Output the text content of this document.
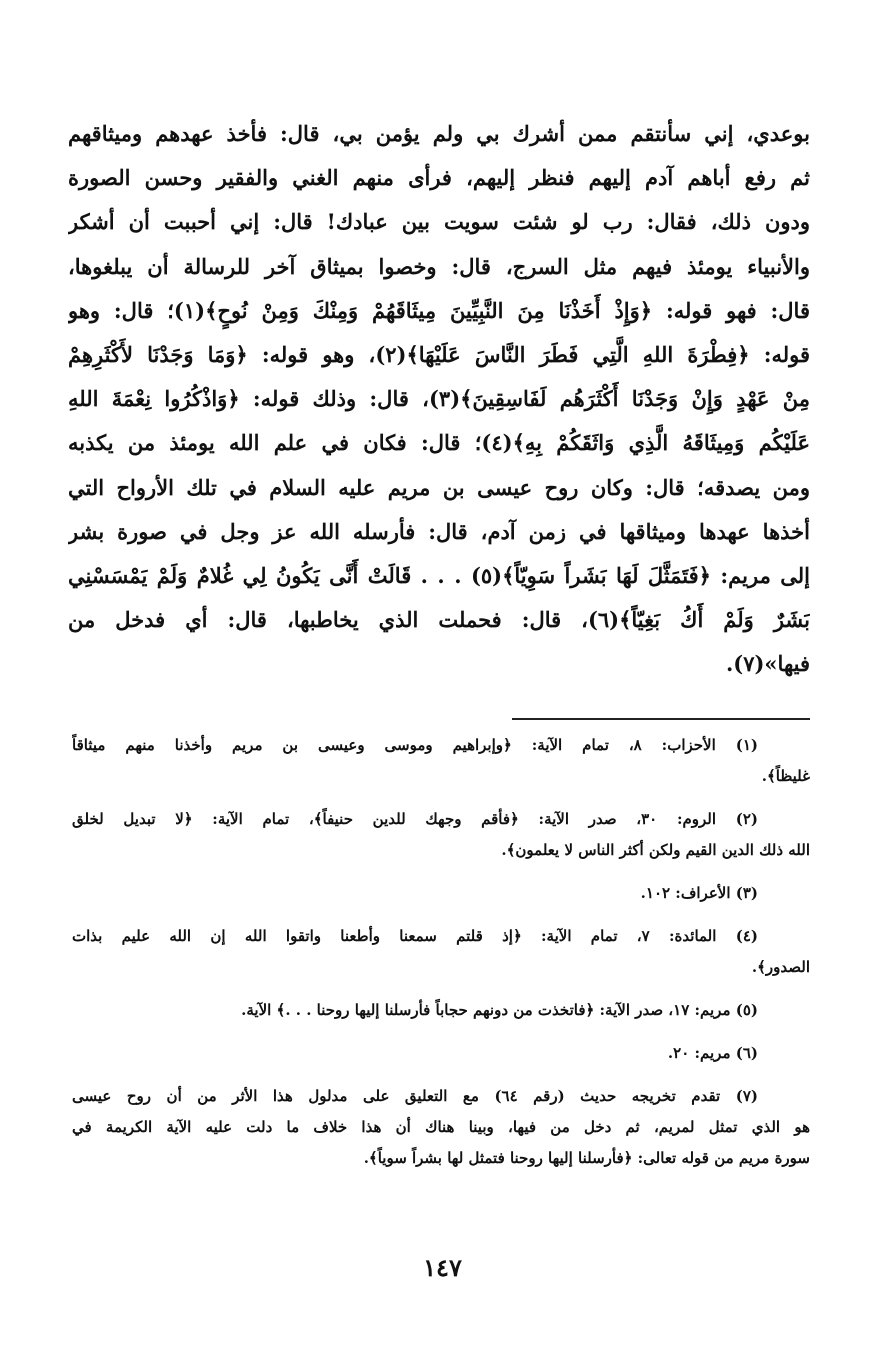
بوعدي، إني سأنتقم ممن أشرك بي ولم يؤمن بي، قال: فأخذ عهدهم وميثاقهم
ثم رفع أباهم آدم إليهم فنظر إليهم، فرأى منهم الغني والفقير وحسن الصورة
ودون ذلك، فقال: رب لو شئت سويت بين عبادك! قال: إني أحببت أن أشكر
والأنبياء يومئذ فيهم مثل السرج، قال: وخصوا بميثاق آخر للرسالة أن يبلغوها،
قال: فهو قوله: ﴿وَإِذْ أَخَذْنَا مِنَ النَّبِيِّينَ مِيثَاقَهُمْ وَمِنْكَ وَمِنْ نُوحٍ﴾(١)؛ قال: وهو
قوله: ﴿فِطْرَةَ اللهِ الَّتِي فَطَرَ النَّاسَ عَلَيْهَا﴾(٢)، وهو قوله: ﴿وَمَا وَجَدْنَا لأَكْثَرِهِمْ
مِنْ عَهْدٍ وَإِنْ وَجَدْنَا أَكْثَرَهُم لَفَاسِقِينَ﴾(٣)، قال: وذلك قوله: ﴿وَاذْكُرُوا نِعْمَةَ اللهِ
عَلَيْكُم وَمِيثَاقَهُ الَّذِي وَاثَقَكُمْ بِهِ﴾(٤)؛ قال: فكان في علم الله يومئذ من يكذبه
ومن يصدقه؛ قال: وكان روح عيسى بن مريم عليه السلام في تلك الأرواح التي
أخذها عهدها وميثاقها في زمن آدم، قال: فأرسله الله عز وجل في صورة بشر
إلى مريم: ﴿فَتَمَثَّلَ لَهَا بَشَراً سَوِيّاً﴾(٥) . . . قَالَتْ أَنَّى يَكُونُ لِي غُلامٌ وَلَمْ يَمْسَسْنِي
بَشَرٌ وَلَمْ أَكُ بَغِيّاً﴾(٦)، قال: فحملت الذي يخاطبها، قال: أي فدخل من
فيها»(٧).
(١) الأحزاب: ٨، تمام الآية: ﴿وإبراهيم وموسى وعيسى بن مريم وأخذنا منهم ميثاقاً
غليظاً﴾.
(٢) الروم: ٣٠، صدر الآية: ﴿فأقم وجهك للدين حنيفاً﴾، تمام الآية: ﴿لا تبديل لخلق
الله ذلك الدين القيم ولكن أكثر الناس لا يعلمون﴾.
(٣) الأعراف: ١٠٢.
(٤) المائدة: ٧، تمام الآية: ﴿إذ قلتم سمعنا وأطعنا واتقوا الله إن الله عليم بذات
الصدور﴾.
(٥) مريم: ١٧، صدر الآية: ﴿فاتخذت من دونهم حجاباً فأرسلنا إليها روحنا . . .﴾ الآية.
(٦) مريم: ٢٠.
(٧) تقدم تخريجه حديث (رقم ٦٤) مع التعليق على مدلول هذا الأثر من أن روح عيسى
هو الذي تمثل لمريم، ثم دخل من فيها، وبينا هناك أن هذا خلاف ما دلت عليه الآية الكريمة في
سورة مريم من قوله تعالى: ﴿فأرسلنا إليها روحنا فتمثل لها بشراً سوياً﴾.
١٤٧
